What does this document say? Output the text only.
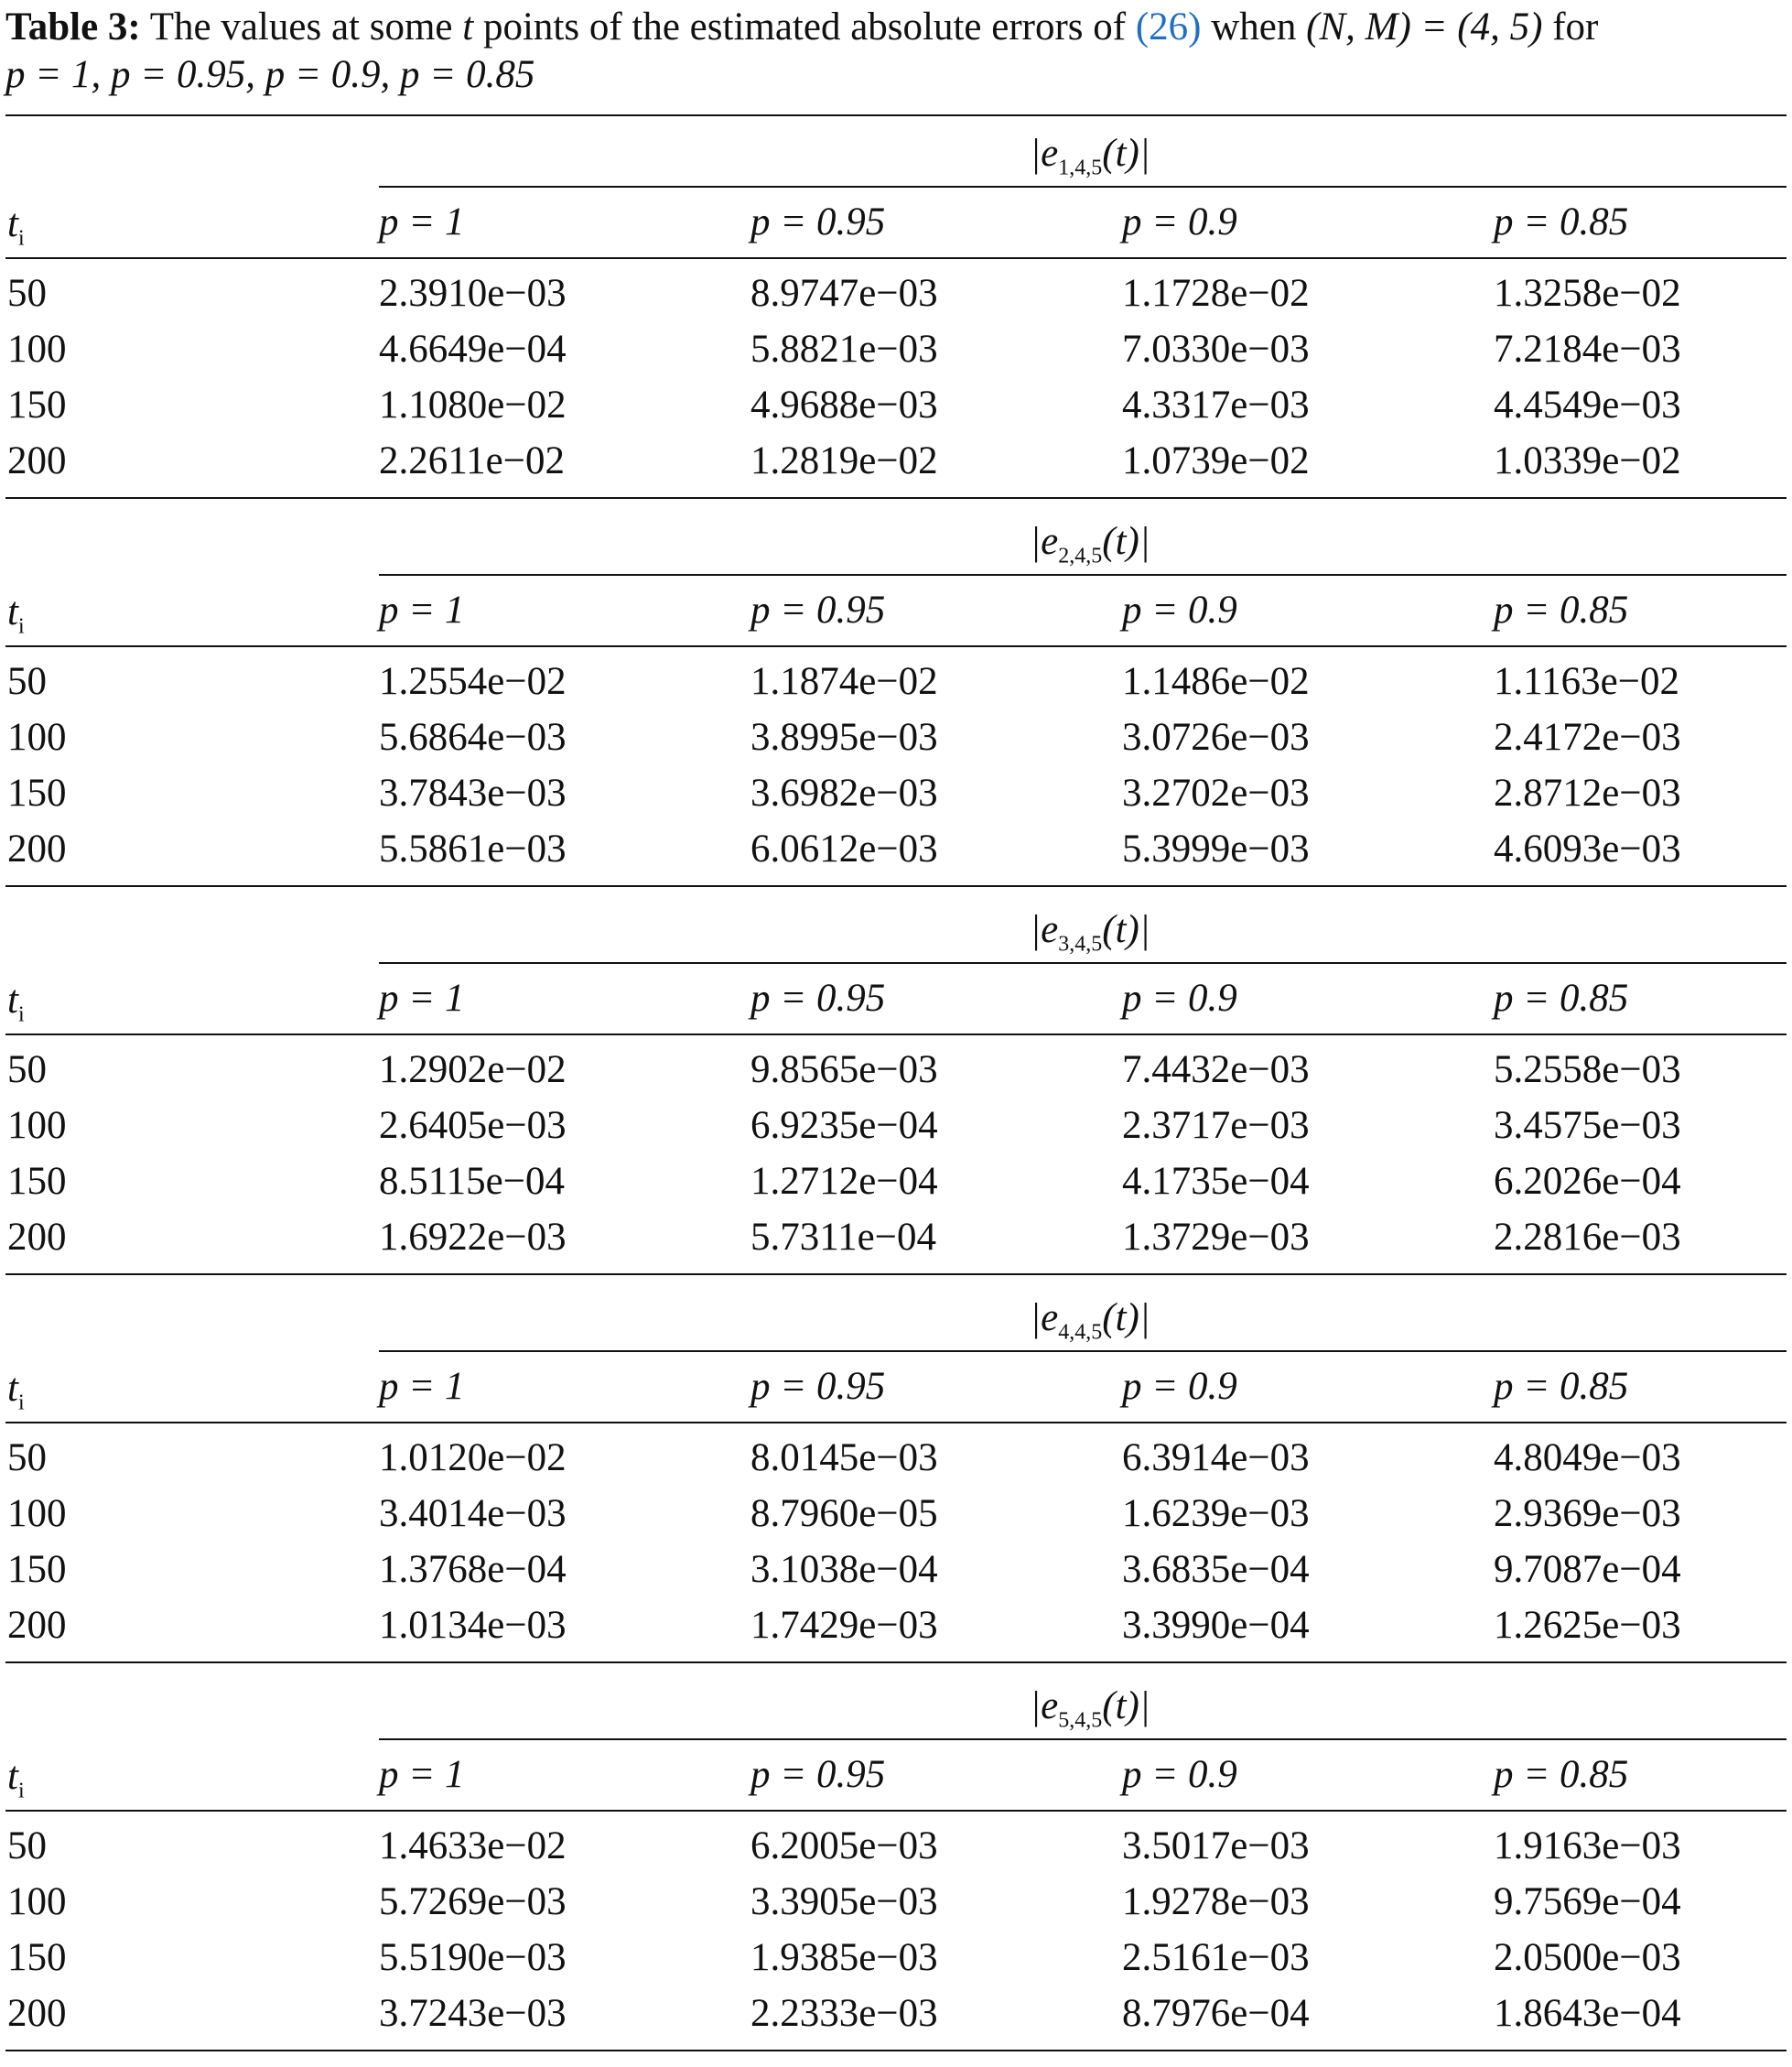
Table 3: The values at some t points of the estimated absolute errors of (26) when (N, M) = (4, 5) for
p = 1, p = 0.95, p = 0.9, p = 0.85
$|e_{1,4,5}(t)|$
$t_i$	p = 1	p = 0.95	p = 0.9	p = 0.85
50	2.3910e−03	8.9747e−03	1.1728e−02	1.3258e−02
100	4.6649e−04	5.8821e−03	7.0330e−03	7.2184e−03
150	1.1080e−02	4.9688e−03	4.3317e−03	4.4549e−03
200	2.2611e−02	1.2819e−02	1.0739e−02	1.0339e−02
$|e_{2,4,5}(t)|$
$t_i$	p = 1	p = 0.95	p = 0.9	p = 0.85
50	1.2554e−02	1.1874e−02	1.1486e−02	1.1163e−02
100	5.6864e−03	3.8995e−03	3.0726e−03	2.4172e−03
150	3.7843e−03	3.6982e−03	3.2702e−03	2.8712e−03
200	5.5861e−03	6.0612e−03	5.3999e−03	4.6093e−03
$|e_{3,4,5}(t)|$
$t_i$	p = 1	p = 0.95	p = 0.9	p = 0.85
50	1.2902e−02	9.8565e−03	7.4432e−03	5.2558e−03
100	2.6405e−03	6.9235e−04	2.3717e−03	3.4575e−03
150	8.5115e−04	1.2712e−04	4.1735e−04	6.2026e−04
200	1.6922e−03	5.7311e−04	1.3729e−03	2.2816e−03
$|e_{4,4,5}(t)|$
$t_i$	p = 1	p = 0.95	p = 0.9	p = 0.85
50	1.0120e−02	8.0145e−03	6.3914e−03	4.8049e−03
100	3.4014e−03	8.7960e−05	1.6239e−03	2.9369e−03
150	1.3768e−04	3.1038e−04	3.6835e−04	9.7087e−04
200	1.0134e−03	1.7429e−03	3.3990e−04	1.2625e−03
$|e_{5,4,5}(t)|$
$t_i$	p = 1	p = 0.95	p = 0.9	p = 0.85
50	1.4633e−02	6.2005e−03	3.5017e−03	1.9163e−03
100	5.7269e−03	3.3905e−03	1.9278e−03	9.7569e−04
150	5.5190e−03	1.9385e−03	2.5161e−03	2.0500e−03
200	3.7243e−03	2.2333e−03	8.7976e−04	1.8643e−04
